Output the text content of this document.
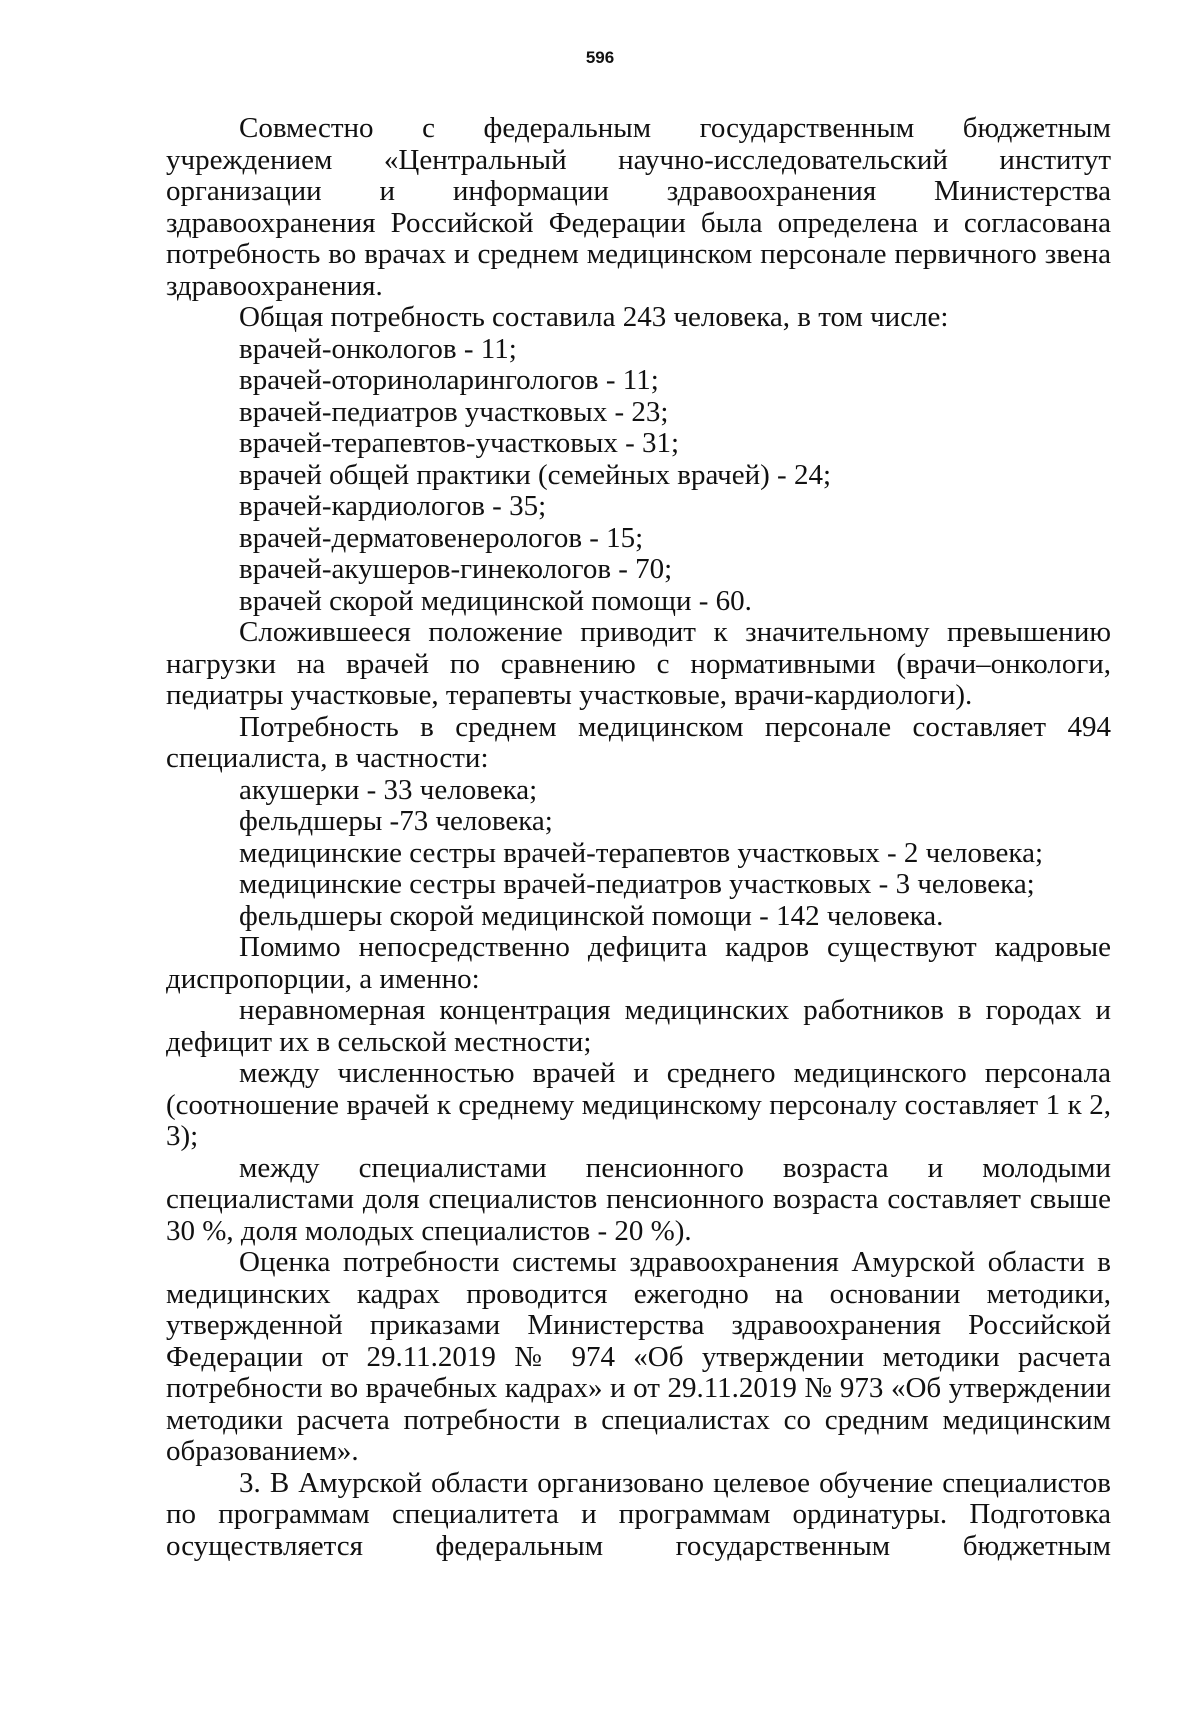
596

Совместно с федеральным государственным бюджетным учреждением «Центральный научно-исследовательский институт организации и информации здравоохранения Министерства здравоохранения Российской Федерации была определена и согласована потребность во врачах и среднем медицинском персонале первичного звена здравоохранения.

Общая потребность составила 243 человека, в том числе:

врачей-онкологов - 11;

врачей-оториноларингологов - 11;

врачей-педиатров участковых - 23;

врачей-терапевтов-участковых - 31;

врачей общей практики (семейных врачей) - 24;

врачей-кардиологов - 35;

врачей-дерматовенерологов - 15;

врачей-акушеров-гинекологов - 70;

врачей скорой медицинской помощи - 60.

Сложившееся положение приводит к значительному превышению нагрузки на врачей по сравнению с нормативными (врачи–онкологи, педиатры участковые, терапевты участковые, врачи-кардиологи).

Потребность в среднем медицинском персонале составляет 494 специалиста, в частности:

акушерки - 33 человека;

фельдшеры -73 человека;

медицинские сестры врачей-терапевтов участковых - 2 человека;

медицинские сестры врачей-педиатров участковых - 3 человека;

фельдшеры скорой медицинской помощи - 142 человека.

Помимо непосредственно дефицита кадров существуют кадровые диспропорции, а именно:

неравномерная концентрация медицинских работников в городах и дефицит их в сельской местности;

между численностью врачей и среднего медицинского персонала (соотношение врачей к среднему медицинскому персоналу составляет 1 к 2, 3);

между специалистами пенсионного возраста и молодыми специалистами доля специалистов пенсионного возраста составляет свыше 30 %, доля молодых специалистов - 20 %).

Оценка потребности системы здравоохранения Амурской области в медицинских кадрах проводится ежегодно на основании методики, утвержденной приказами Министерства здравоохранения Российской Федерации от 29.11.2019 № 974 «Об утверждении методики расчета потребности во врачебных кадрах» и от 29.11.2019 № 973 «Об утверждении методики расчета потребности в специалистах со средним медицинским образованием».

3. В Амурской области организовано целевое обучение специалистов по программам специалитета и программам ординатуры. Подготовка осуществляется федеральным государственным бюджетным
